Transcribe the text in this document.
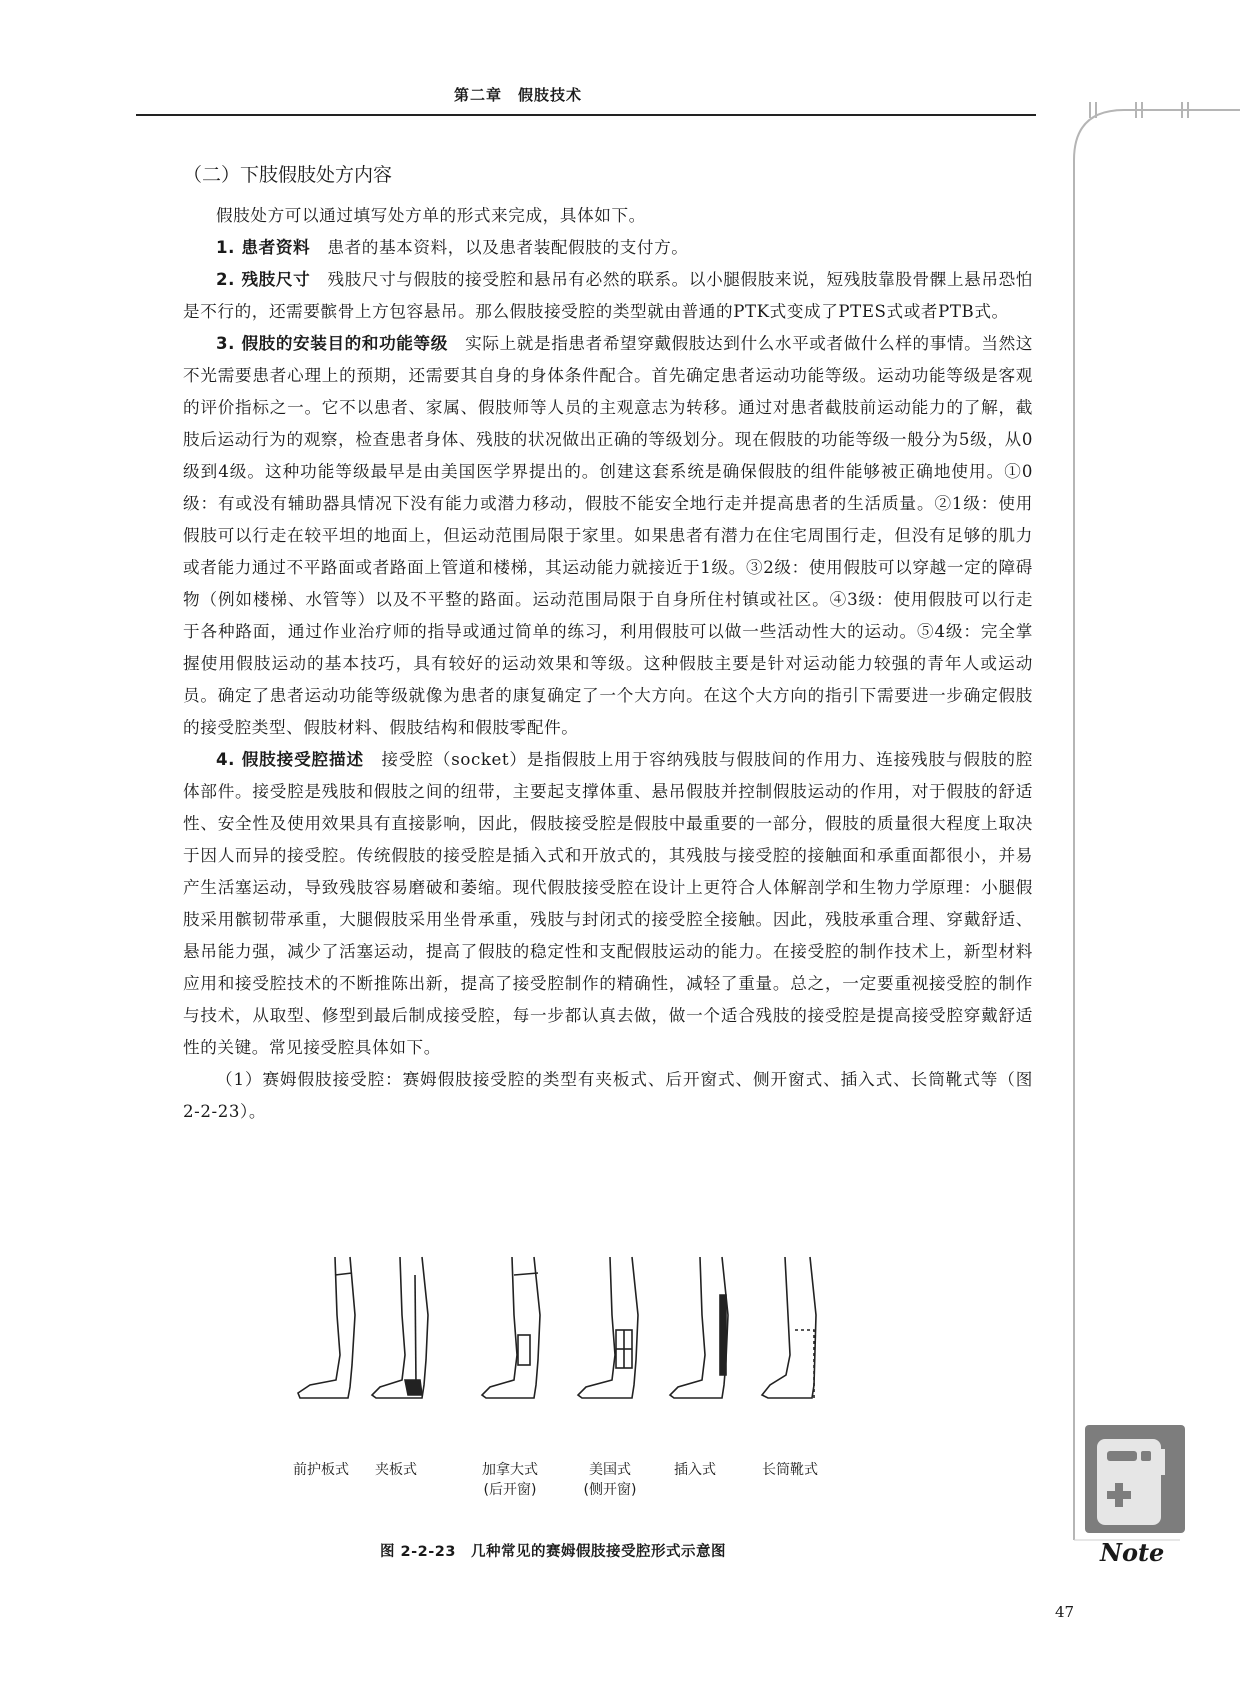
第二章　假肢技术
（二）下肢假肢处方内容

假肢处方可以通过填写处方单的形式来完成，具体如下。

1. 患者资料　 患者的基本资料，以及患者装配假肢的支付方。

2. 残肢尺寸　 残肢尺寸与假肢的接受腔和悬吊有必然的联系。以小腿假肢来说，短残肢靠股骨髁上悬吊恐怕是不行的，还需要髌骨上方包容悬吊。那么假肢接受腔的类型就由普通的PTK式变成了PTES式或者PTB式。

3. 假肢的安装目的和功能等级　 实际上就是指患者希望穿戴假肢达到什么水平或者做什么样的事情。当然这不光需要患者心理上的预期，还需要其自身的身体条件配合。首先确定患者运动功能等级。运动功能等级是客观的评价指标之一。它不以患者、家属、假肢师等人员的主观意志为转移。通过对患者截肢前运动能力的了解，截肢后运动行为的观察，检查患者身体、残肢的状况做出正确的等级划分。现在假肢的功能等级一般分为5级，从0级到4级。这种功能等级最早是由美国医学界提出的。创建这套系统是确保假肢的组件能够被正确地使用。①0级：有或没有辅助器具情况下没有能力或潜力移动，假肢不能安全地行走并提高患者的生活质量。②1级：使用假肢可以行走在较平坦的地面上，但运动范围局限于家里。如果患者有潜力在住宅周围行走，但没有足够的肌力或者能力通过不平路面或者路面上管道和楼梯，其运动能力就接近于1级。③2级：使用假肢可以穿越一定的障碍物（例如楼梯、水管等）以及不平整的路面。运动范围局限于自身所住村镇或社区。④3级：使用假肢可以行走于各种路面，通过作业治疗师的指导或通过简单的练习，利用假肢可以做一些活动性大的运动。⑤4级：完全掌握使用假肢运动的基本技巧，具有较好的运动效果和等级。这种假肢主要是针对运动能力较强的青年人或运动员。确定了患者运动功能等级就像为患者的康复确定了一个大方向。在这个大方向的指引下需要进一步确定假肢的接受腔类型、假肢材料、假肢结构和假肢零配件。

4. 假肢接受腔描述　 接受腔（socket）是指假肢上用于容纳残肢与假肢间的作用力、连接残肢与假肢的腔体部件。接受腔是残肢和假肢之间的纽带，主要起支撑体重、悬吊假肢并控制假肢运动的作用，对于假肢的舒适性、安全性及使用效果具有直接影响，因此，假肢接受腔是假肢中最重要的一部分，假肢的质量很大程度上取决于因人而异的接受腔。传统假肢的接受腔是插入式和开放式的，其残肢与接受腔的接触面和承重面都很小，并易产生活塞运动，导致残肢容易磨破和萎缩。现代假肢接受腔在设计上更符合人体解剖学和生物力学原理：小腿假肢采用髌韧带承重，大腿假肢采用坐骨承重，残肢与封闭式的接受腔全接触。因此，残肢承重合理、穿戴舒适、悬吊能力强，减少了活塞运动，提高了假肢的稳定性和支配假肢运动的能力。在接受腔的制作技术上，新型材料应用和接受腔技术的不断推陈出新，提高了接受腔制作的精确性，减轻了重量。总之，一定要重视接受腔的制作与技术，从取型、修型到最后制成接受腔，每一步都认真去做，做一个适合残肢的接受腔是提高接受腔穿戴舒适性的关键。常见接受腔具体如下。

（1）赛姆假肢接受腔：赛姆假肢接受腔的类型有夹板式、后开窗式、侧开窗式、插入式、长筒靴式等（图2-2-23）。

前护板式	夹板式	加拿大式
(后开窗)
美国式
(侧开窗)
插入式	长筒靴式
图 2-2-23　几种常见的赛姆假肢接受腔形式示意图	Note
47
